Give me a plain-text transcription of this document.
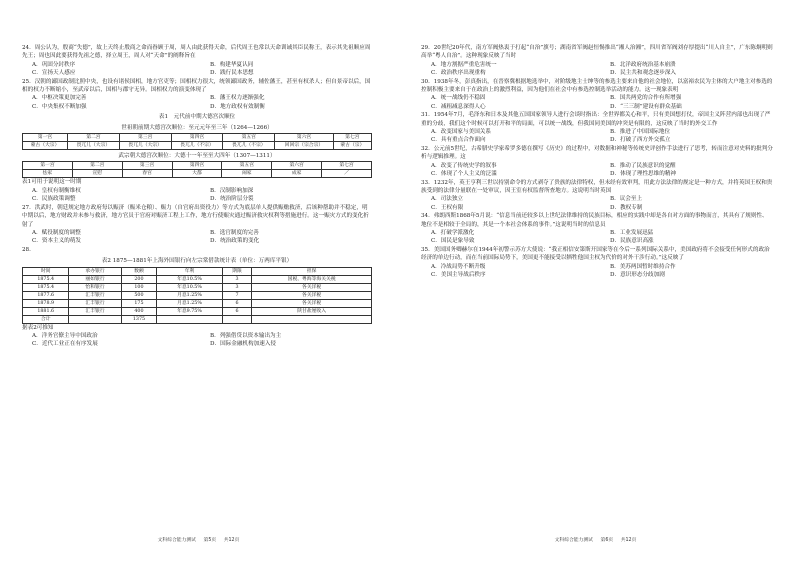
24．周公认为，殷商“失德”，故上天终止殷商之命而眷顾于周，周人由此获得天命，后代周王也常以天命训诫其臣民称王，表示其先祖顺应周先王；周也因此要获得先祖之德，择立周王，周人对“天命”的阐释旨在

A．巩固分封秩序	B．构建华夏认同
C．宣扬天人感应	D．践行民本思想

25．汉朝的鄙国政制比照中央，也设有诸侯国相，地方官吏等；国相权力很大，统领鄙国政务，辅佐藩王，甚至有权杀人；但自景帝以后，国相的权力不断缩小，至武帝以后，国相与郡守无异。国相权力的演变体现了

A．中枢决策更加完善	B．藩王权力逐渐强化
C．中央集权不断加强	D．地方政权有效制衡
表1　元代前中期大德宫次顺位
世祖朝前期大德宫次顺位：至元元年至三年（1264—1266）
第一宫	第二宫	第三宫	第四宫	第五宫	第六宫	第七宫
蒙古（大宗）	畏兀儿（大宗）	畏兀儿（大宗）	畏兀儿（不宗）	畏兀儿（不宗）	回回宗（宗合宗）	蒙古（宗）
武宗朝大德宫次顺位：大德十一年至至大四年（1307—1311）
第一宫	第二宫	第三宫	第四宫	第五宫	第六宫	第七宫
怯家	宣慰	春宫	大都	闹家	成家	／

表1可用于说明这一时期

A．皇权有制衡维权	B．汉制影响加深
C．民族政策调整	D．统治阶层分裂

27．洪武时，朝廷规定地方政府每以赈济（赈米仓粮）、赈力（自官府出资役力）等方式为底层单人提供赈赡救济，后该种帮助并不稳定，明中期以后，地方财政并未参与救济，地方官员于官府对赈济工程上工作，地方行使赈灾通过赈济救灾权利等措施进行。这一赈灾方式的变化折射了

A．赋役制度的调整	B．选官制度的完善
C．资本主义的萌发	D．统治政策的变化

28.

表2 1875—1881年上海外国银行向左宗棠借款统计表（单位：万两库平银）
时间	承办银行	数额	年利	期限	担保
1875.4	丽如银行	200	年息10.5%	3	国税、粤海等海关关税
1875.4	怡和银行	100	年息10.5%	3	各关洋税
1877.6	汇丰银行	500	月息1.25%	7	各关洋税
1878.9	汇丰银行	175	月息1.25%	6	各关洋税
1881.6	汇丰银行	400	年息9.75%	6	陕甘盐厘收入
合计		1375			

据表2可推知

A．洋务官僚主导中国政治	B．列强借贷以资本输出为主
C．近代工业正在有序发展	D．国际金融机构加速入侵
文科综合能力测试 第5页 共12页

29．20世纪20年代，南方军阀热衷于打起“自治”旗号；湖南省军阀赵恒惕推出“湘人治湘”，四川省军阀刘存厚提出“川人自主”，广东陈炯明则高举“粤人自治”。这种现象反映了当时

A．地方割据严重危害统一	B．北洋政府统治基本崩溃
C．政治秩序出现重构	D．民主共和观念逐步深入

30．1938年冬，彭真指出，在晋察冀根据地选举中，对阶级地主士绅等的参选主要来自他的社会地位，以富裕农民为主体的大户地主对参选的控制积极主要来自于在政治上的激烈利益，因为他们在社会中有参选控制选举活动的能力。这一现象表明

A．统一战线仍不稳固	B．国共两党的合作有所增强
C．减租减息深得人心	D．“三三制”建设有群众基础

31．1954年7月，毛泽东和日本及其他五国国家领导人进行会谈时指出：全世界都关心和平，只有美国想打仗，帝国主义阵营内部也出现了严重的分歧，我们这个时候可以打开和平的局面，可以统一战线，但我国同美国的冲突是有限的，这反映了当时的外交工作

A．改变国家与美国关系	B．推进了中国国际地位
C．具有重点合作面向	D．打破了西方外交孤立

32．公元前5世纪，古希腊史学家希罗多德在撰写《历史》的过程中，对数据和神秘等传统史评创作手法进行了思考，转而注意对史料的批判分析与逻辑推理。这

A．改变了传统史学的叙事	B．推动了民族意识的觉醒
C．体现了个人主义的泛滥	D．体现了理性思维的精神

33．1232年，英王亨利三世以持别命令的方式剥夺了贵族的法律特权，但未经有效审判，用此方法法律的规定是一种方式，并将英国王权和贵族受到的法律分量联在一处审议，因王室有权监督所查地方。这说明当时英国

A．司法独立	B．议会至上
C．王权有限	D．教权专制

34．弗朗西斯1868年5月说：“信息当前还较多以上世纪法律维持的民族目标，相应的实践中却是各自对方面的事物而言，其具有了规则性、地位不是相较于全局的，其是一个本社会体系的事件。”这说明当时的信息员

A．打破学派激化	B．工业发展迅猛
C．国民是象导致	D．民族意识高涨

35．美国国务卿赫尔在1944年初警示苏方大使说：“我正相信安第斯开国家等在今后一系列国际关系中，美国政府将不会接受任何形式的政治经济的单边行动，而在当前国际局势下，美国更不能接受以牺牲他国主权为代价的对外干涉行动。”这反映了

A．冷战局势不断升级	B．美苏两国暂时维持合作
C．美国主导战后秩序	D．意识形态分歧加剧
文科综合能力测试 第6页 共12页
